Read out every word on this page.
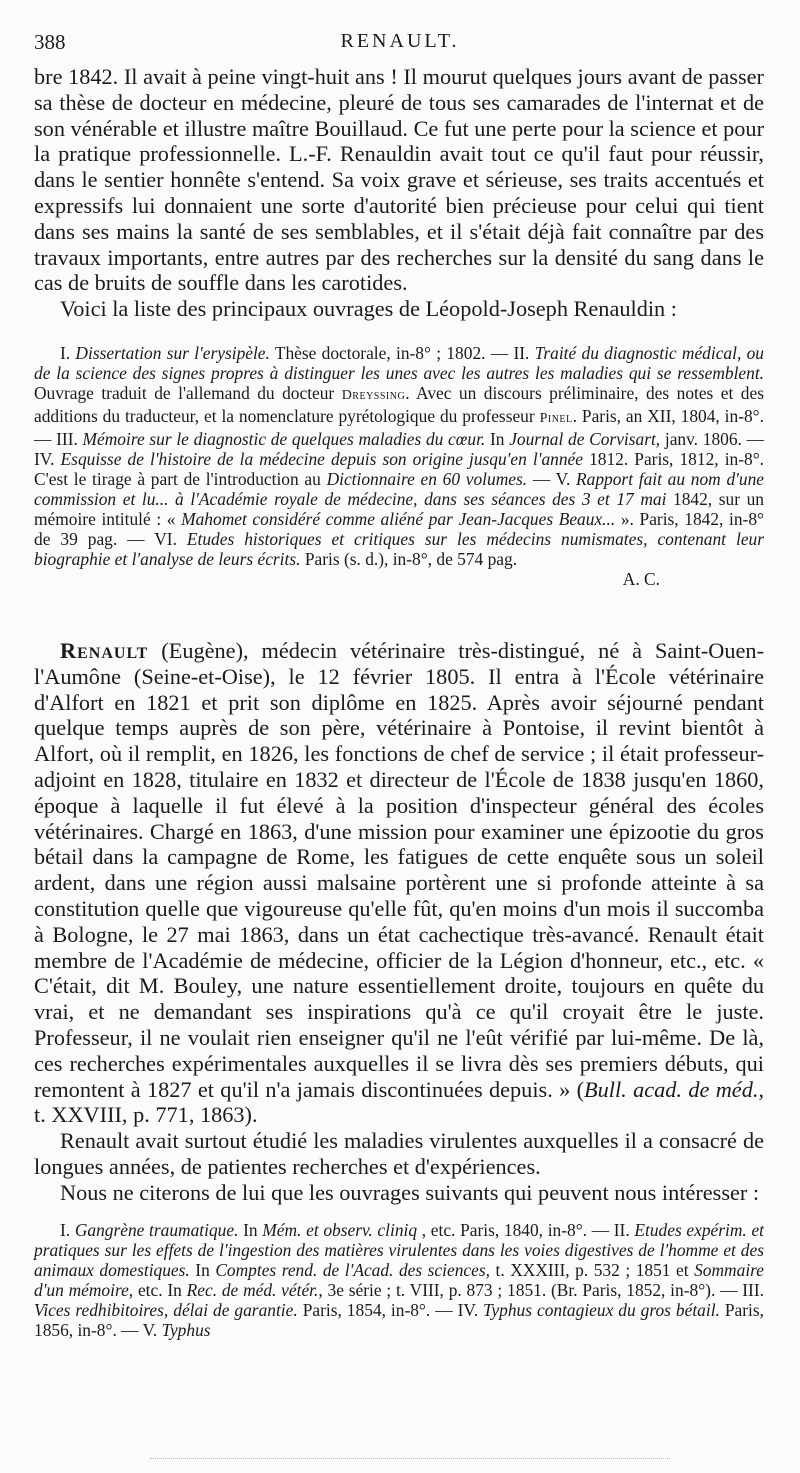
388	RENAULT.

bre 1842. Il avait à peine vingt-huit ans ! Il mourut quelques jours avant de passer sa thèse de docteur en médecine, pleuré de tous ses camarades de l'internat et de son vénérable et illustre maître Bouillaud. Ce fut une perte pour la science et pour la pratique professionnelle. L.-F. Renauldin avait tout ce qu'il faut pour réussir, dans le sentier honnête s'entend. Sa voix grave et sérieuse, ses traits accentués et expressifs lui donnaient une sorte d'autorité bien précieuse pour celui qui tient dans ses mains la santé de ses semblables, et il s'était déjà fait connaître par des travaux importants, entre autres par des recherches sur la densité du sang dans le cas de bruits de souffle dans les carotides.

Voici la liste des principaux ouvrages de Léopold-Joseph Renauldin :

I. Dissertation sur l'erysipèle. Thèse doctorale, in-8° ; 1802. — II. Traité du diagnostic médical, ou de la science des signes propres à distinguer les unes avec les autres les maladies qui se ressemblent. Ouvrage traduit de l'allemand du docteur Dreyssing. Avec un discours préliminaire, des notes et des additions du traducteur, et la nomenclature pyrétologique du professeur Pinel. Paris, an XII, 1804, in-8°. — III. Mémoire sur le diagnostic de quelques maladies du cœur. In Journal de Corvisart, janv. 1806. — IV. Esquisse de l'histoire de la médecine depuis son origine jusqu'en l'année 1812. Paris, 1812, in-8°. C'est le tirage à part de l'introduction au Dictionnaire en 60 volumes. — V. Rapport fait au nom d'une commission et lu... à l'Académie royale de médecine, dans ses séances des 3 et 17 mai 1842, sur un mémoire intitulé : « Mahomet considéré comme aliéné par Jean-Jacques Beaux... ». Paris, 1842, in-8° de 39 pag. — VI. Etudes historiques et critiques sur les médecins numismates, contenant leur biographie et l'analyse de leurs écrits. Paris (s. d.), in-8°, de 574 pag.
A. C.

Renault (Eugène), médecin vétérinaire très-distingué, né à Saint-Ouen-l'Aumône (Seine-et-Oise), le 12 février 1805. Il entra à l'École vétérinaire d'Alfort en 1821 et prit son diplôme en 1825. Après avoir séjourné pendant quelque temps auprès de son père, vétérinaire à Pontoise, il revint bientôt à Alfort, où il remplit, en 1826, les fonctions de chef de service ; il était professeur-adjoint en 1828, titulaire en 1832 et directeur de l'École de 1838 jusqu'en 1860, époque à laquelle il fut élevé à la position d'inspecteur général des écoles vétérinaires. Chargé en 1863, d'une mission pour examiner une épizootie du gros bétail dans la campagne de Rome, les fatigues de cette enquête sous un soleil ardent, dans une région aussi malsaine portèrent une si profonde atteinte à sa constitution quelle que vigoureuse qu'elle fût, qu'en moins d'un mois il succomba à Bologne, le 27 mai 1863, dans un état cachectique très-avancé. Renault était membre de l'Académie de médecine, officier de la Légion d'honneur, etc., etc. « C'était, dit M. Bouley, une nature essentiellement droite, toujours en quête du vrai, et ne demandant ses inspirations qu'à ce qu'il croyait être le juste. Professeur, il ne voulait rien enseigner qu'il ne l'eût vérifié par lui-même. De là, ces recherches expérimentales auxquelles il se livra dès ses premiers débuts, qui remontent à 1827 et qu'il n'a jamais discontinuées depuis. » (Bull. acad. de méd., t. XXVIII, p. 771, 1863).

Renault avait surtout étudié les maladies virulentes auxquelles il a consacré de longues années, de patientes recherches et d'expériences.

Nous ne citerons de lui que les ouvrages suivants qui peuvent nous intéresser :

I. Gangrène traumatique. In Mém. et observ. cliniq , etc. Paris, 1840, in-8°. — II. Etudes expérim. et pratiques sur les effets de l'ingestion des matières virulentes dans les voies digestives de l'homme et des animaux domestiques. In Comptes rend. de l'Acad. des sciences, t. XXXIII, p. 532 ; 1851 et Sommaire d'un mémoire, etc. In Rec. de méd. vétér., 3e série ; t. VIII, p. 873 ; 1851. (Br. Paris, 1852, in-8°). — III. Vices redhibitoires, délai de garantie. Paris, 1854, in-8°. — IV. Typhus contagieux du gros bétail. Paris, 1856, in-8°. — V. Typhus
